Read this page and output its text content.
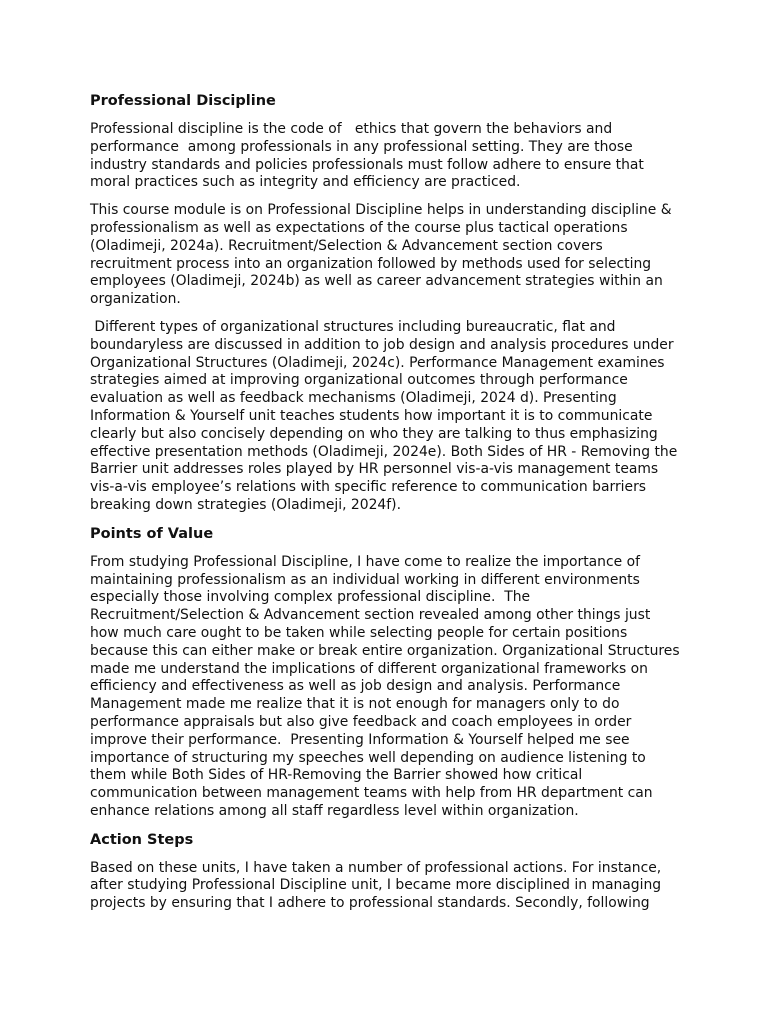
Professional Discipline

Professional discipline is the code of   ethics that govern the behaviors and
performance  among professionals in any professional setting. They are those
industry standards and policies professionals must follow adhere to ensure that
moral practices such as integrity and efficiency are practiced.

This course module is on Professional Discipline helps in understanding discipline &
professionalism as well as expectations of the course plus tactical operations
(Oladimeji, 2024a). Recruitment/Selection & Advancement section covers
recruitment process into an organization followed by methods used for selecting
employees (Oladimeji, 2024b) as well as career advancement strategies within an
organization.

Different types of organizational structures including bureaucratic, flat and
boundaryless are discussed in addition to job design and analysis procedures under
Organizational Structures (Oladimeji, 2024c). Performance Management examines
strategies aimed at improving organizational outcomes through performance
evaluation as well as feedback mechanisms (Oladimeji, 2024 d). Presenting
Information & Yourself unit teaches students how important it is to communicate
clearly but also concisely depending on who they are talking to thus emphasizing
effective presentation methods (Oladimeji, 2024e). Both Sides of HR - Removing the
Barrier unit addresses roles played by HR personnel vis-a-vis management teams
vis-a-vis employee’s relations with specific reference to communication barriers
breaking down strategies (Oladimeji, 2024f).

Points of Value

From studying Professional Discipline, I have come to realize the importance of
maintaining professionalism as an individual working in different environments
especially those involving complex professional discipline.  The
Recruitment/Selection & Advancement section revealed among other things just
how much care ought to be taken while selecting people for certain positions
because this can either make or break entire organization. Organizational Structures
made me understand the implications of different organizational frameworks on
efficiency and effectiveness as well as job design and analysis. Performance
Management made me realize that it is not enough for managers only to do
performance appraisals but also give feedback and coach employees in order
improve their performance.  Presenting Information & Yourself helped me see
importance of structuring my speeches well depending on audience listening to
them while Both Sides of HR-Removing the Barrier showed how critical
communication between management teams with help from HR department can
enhance relations among all staff regardless level within organization.

Action Steps

Based on these units, I have taken a number of professional actions. For instance,
after studying Professional Discipline unit, I became more disciplined in managing
projects by ensuring that I adhere to professional standards. Secondly, following
